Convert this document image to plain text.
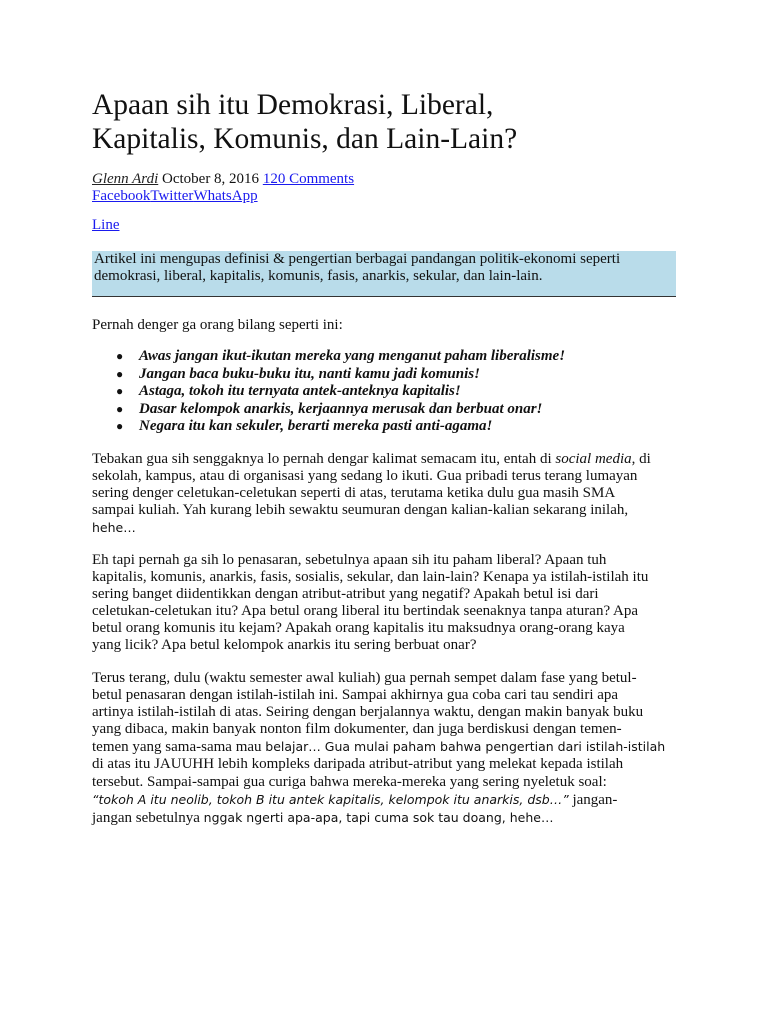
Apaan sih itu Demokrasi, Liberal,
Kapitalis, Komunis, dan Lain-Lain?
Glenn Ardi October 8, 2016 120 Comments
FacebookTwitterWhatsApp
Line
Artikel ini mengupas definisi & pengertian berbagai pandangan politik-ekonomi seperti
demokrasi, liberal, kapitalis, komunis, fasis, anarkis, sekular, dan lain-lain.
Pernah denger ga orang bilang seperti ini:
● Awas jangan ikut-ikutan mereka yang menganut paham liberalisme!
● Jangan baca buku-buku itu, nanti kamu jadi komunis!
● Astaga, tokoh itu ternyata antek-anteknya kapitalis!
● Dasar kelompok anarkis, kerjaannya merusak dan berbuat onar!
● Negara itu kan sekuler, berarti mereka pasti anti-agama!

Tebakan gua sih senggaknya lo pernah dengar kalimat semacam itu, entah di social media, di
sekolah, kampus, atau di organisasi yang sedang lo ikuti. Gua pribadi terus terang lumayan
sering denger celetukan-celetukan seperti di atas, terutama ketika dulu gua masih SMA
sampai kuliah. Yah kurang lebih sewaktu seumuran dengan kalian-kalian sekarang inilah,
hehe…

Eh tapi pernah ga sih lo penasaran, sebetulnya apaan sih itu paham liberal? Apaan tuh
kapitalis, komunis, anarkis, fasis, sosialis, sekular, dan lain-lain? Kenapa ya istilah-istilah itu
sering banget diidentikkan dengan atribut-atribut yang negatif? Apakah betul isi dari
celetukan-celetukan itu? Apa betul orang liberal itu bertindak seenaknya tanpa aturan? Apa
betul orang komunis itu kejam? Apakah orang kapitalis itu maksudnya orang-orang kaya
yang licik? Apa betul kelompok anarkis itu sering berbuat onar?

Terus terang, dulu (waktu semester awal kuliah) gua pernah sempet dalam fase yang betul-
betul penasaran dengan istilah-istilah ini. Sampai akhirnya gua coba cari tau sendiri apa
artinya istilah-istilah di atas. Seiring dengan berjalannya waktu, dengan makin banyak buku
yang dibaca, makin banyak nonton film dokumenter, dan juga berdiskusi dengan temen-
temen yang sama-sama mau belajar… Gua mulai paham bahwa pengertian dari istilah-istilah
di atas itu JAUUHH lebih kompleks daripada atribut-atribut yang melekat kepada istilah
tersebut. Sampai-sampai gua curiga bahwa mereka-mereka yang sering nyeletuk soal:
“tokoh A itu neolib, tokoh B itu antek kapitalis, kelompok itu anarkis, dsb…” jangan-
jangan sebetulnya nggak ngerti apa-apa, tapi cuma sok tau doang, hehe…
